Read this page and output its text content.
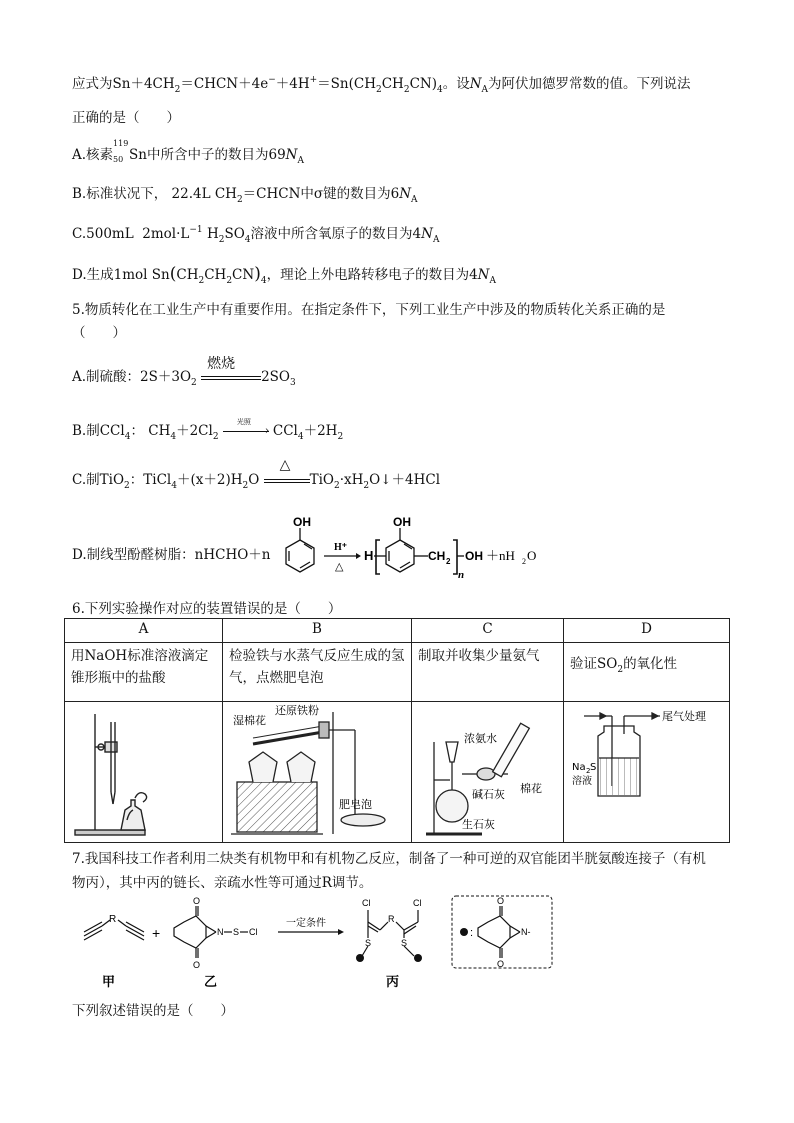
应式为$Sn+4CH_2=CHCN+4e^-+4H^+=Sn(CH_2CH_2CN)_4$。设$N_A$为阿伏加德罗常数的值。下列说法
正确的是（　　）
A.核素
119
50 Sn中所含中子的数目为$69N_A$
B.标准状况下， 22.4L $CH_2=CHCN$中σ键的数目为$6N_A$
C.500mL $2mol\cdot L^{-1}$ $H_2SO_4$溶液中所含氧原子的数目为$4N_A$
D.生成1mol $Sn(CH_2CH_2CN)_4$，理论上外电路转移电子的数目为$4N_A$
5.物质转化在工业生产中有重要作用。在指定条件下，下列工业生产中涉及的物质转化关系正确的是
（　　）
A.制硫酸：$2S+3O_2$
燃烧
$2SO_3$
B.制CCl$_4$： $CH_4+2Cl_2$
光照
› $CCl_4+2H_2$
C.制TiO$_2$：$TiCl_4+(x+2)H_2O$
△
$TiO_2\cdot xH_2O↓+4HCl$
D.制线型酚醛树脂：nHCHO＋n
OH
H⁺
△
H
OH
CH 2
n
OH ＋nH 2 O
6.下列实验操作对应的装置错误的是（　　）
A	B	C	D
用NaOH标准溶液滴定锥形瓶中的盐酸	检验铁与水蒸气反应生成的氢气，点燃肥皂泡	制取并收集少量氨气	验证$SO_2$的氧化性

湿棉花
还原铁粉
肥皂泡	浓氨水
棉花
碱石灰
生石灰	尾气处理
Na 2 S
溶液
7.我国科技工作者利用二炔类有机物甲和有机物乙反应，制备了一种可逆的双官能团半胱氨酸连接子（有机
物丙），其中丙的链长、亲疏水性等可通过R调节。
R
+
O
O
N S Cl
一定条件
Cl	Cl
R
S	S
:
O
O
N-
甲	乙	丙
下列叙述错误的是（　　）
